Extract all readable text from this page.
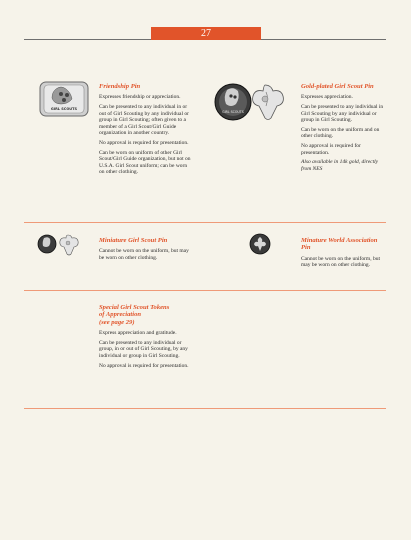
27
GIRL SCOUTS
GIRL SCOUTS
Friendship Pin
Expresses friendship or appreciation.
Can be presented to any individual in or out of Girl Scouting by any individual or group in Girl Scouting; often given to a member of a Girl Scout/Girl Guide organization in another country.
No approval is required for presentation.
Can be worn on uniform of other Girl Scout/Girl Guide organization, but not on U.S.A. Girl Scout uniform; can be worn on other clothing.
Gold-plated Girl Scout Pin
Expresses appreciation.
Can be presented to any individual in Girl Scouting by any individual or group in Girl Scouting.
Can be worn on the uniform and on other clothing.
No approval is required for presentation.
Also available in 14k gold, directly from NES
Miniature Girl Scout Pin
Cannot be worn on the uniform, but may be worn on other clothing.
Minature World Association
Pin
Cannot be worn on the uniform, but may be worn on other clothing.
Special Girl Scout Tokens
of Appreciation
(see page 29)
Express appreciation and gratitude.
Can be presented to any individual or group, in or out of Girl Scouting, by any individual or group in Girl Scouting.
No approval is required for presentation.
